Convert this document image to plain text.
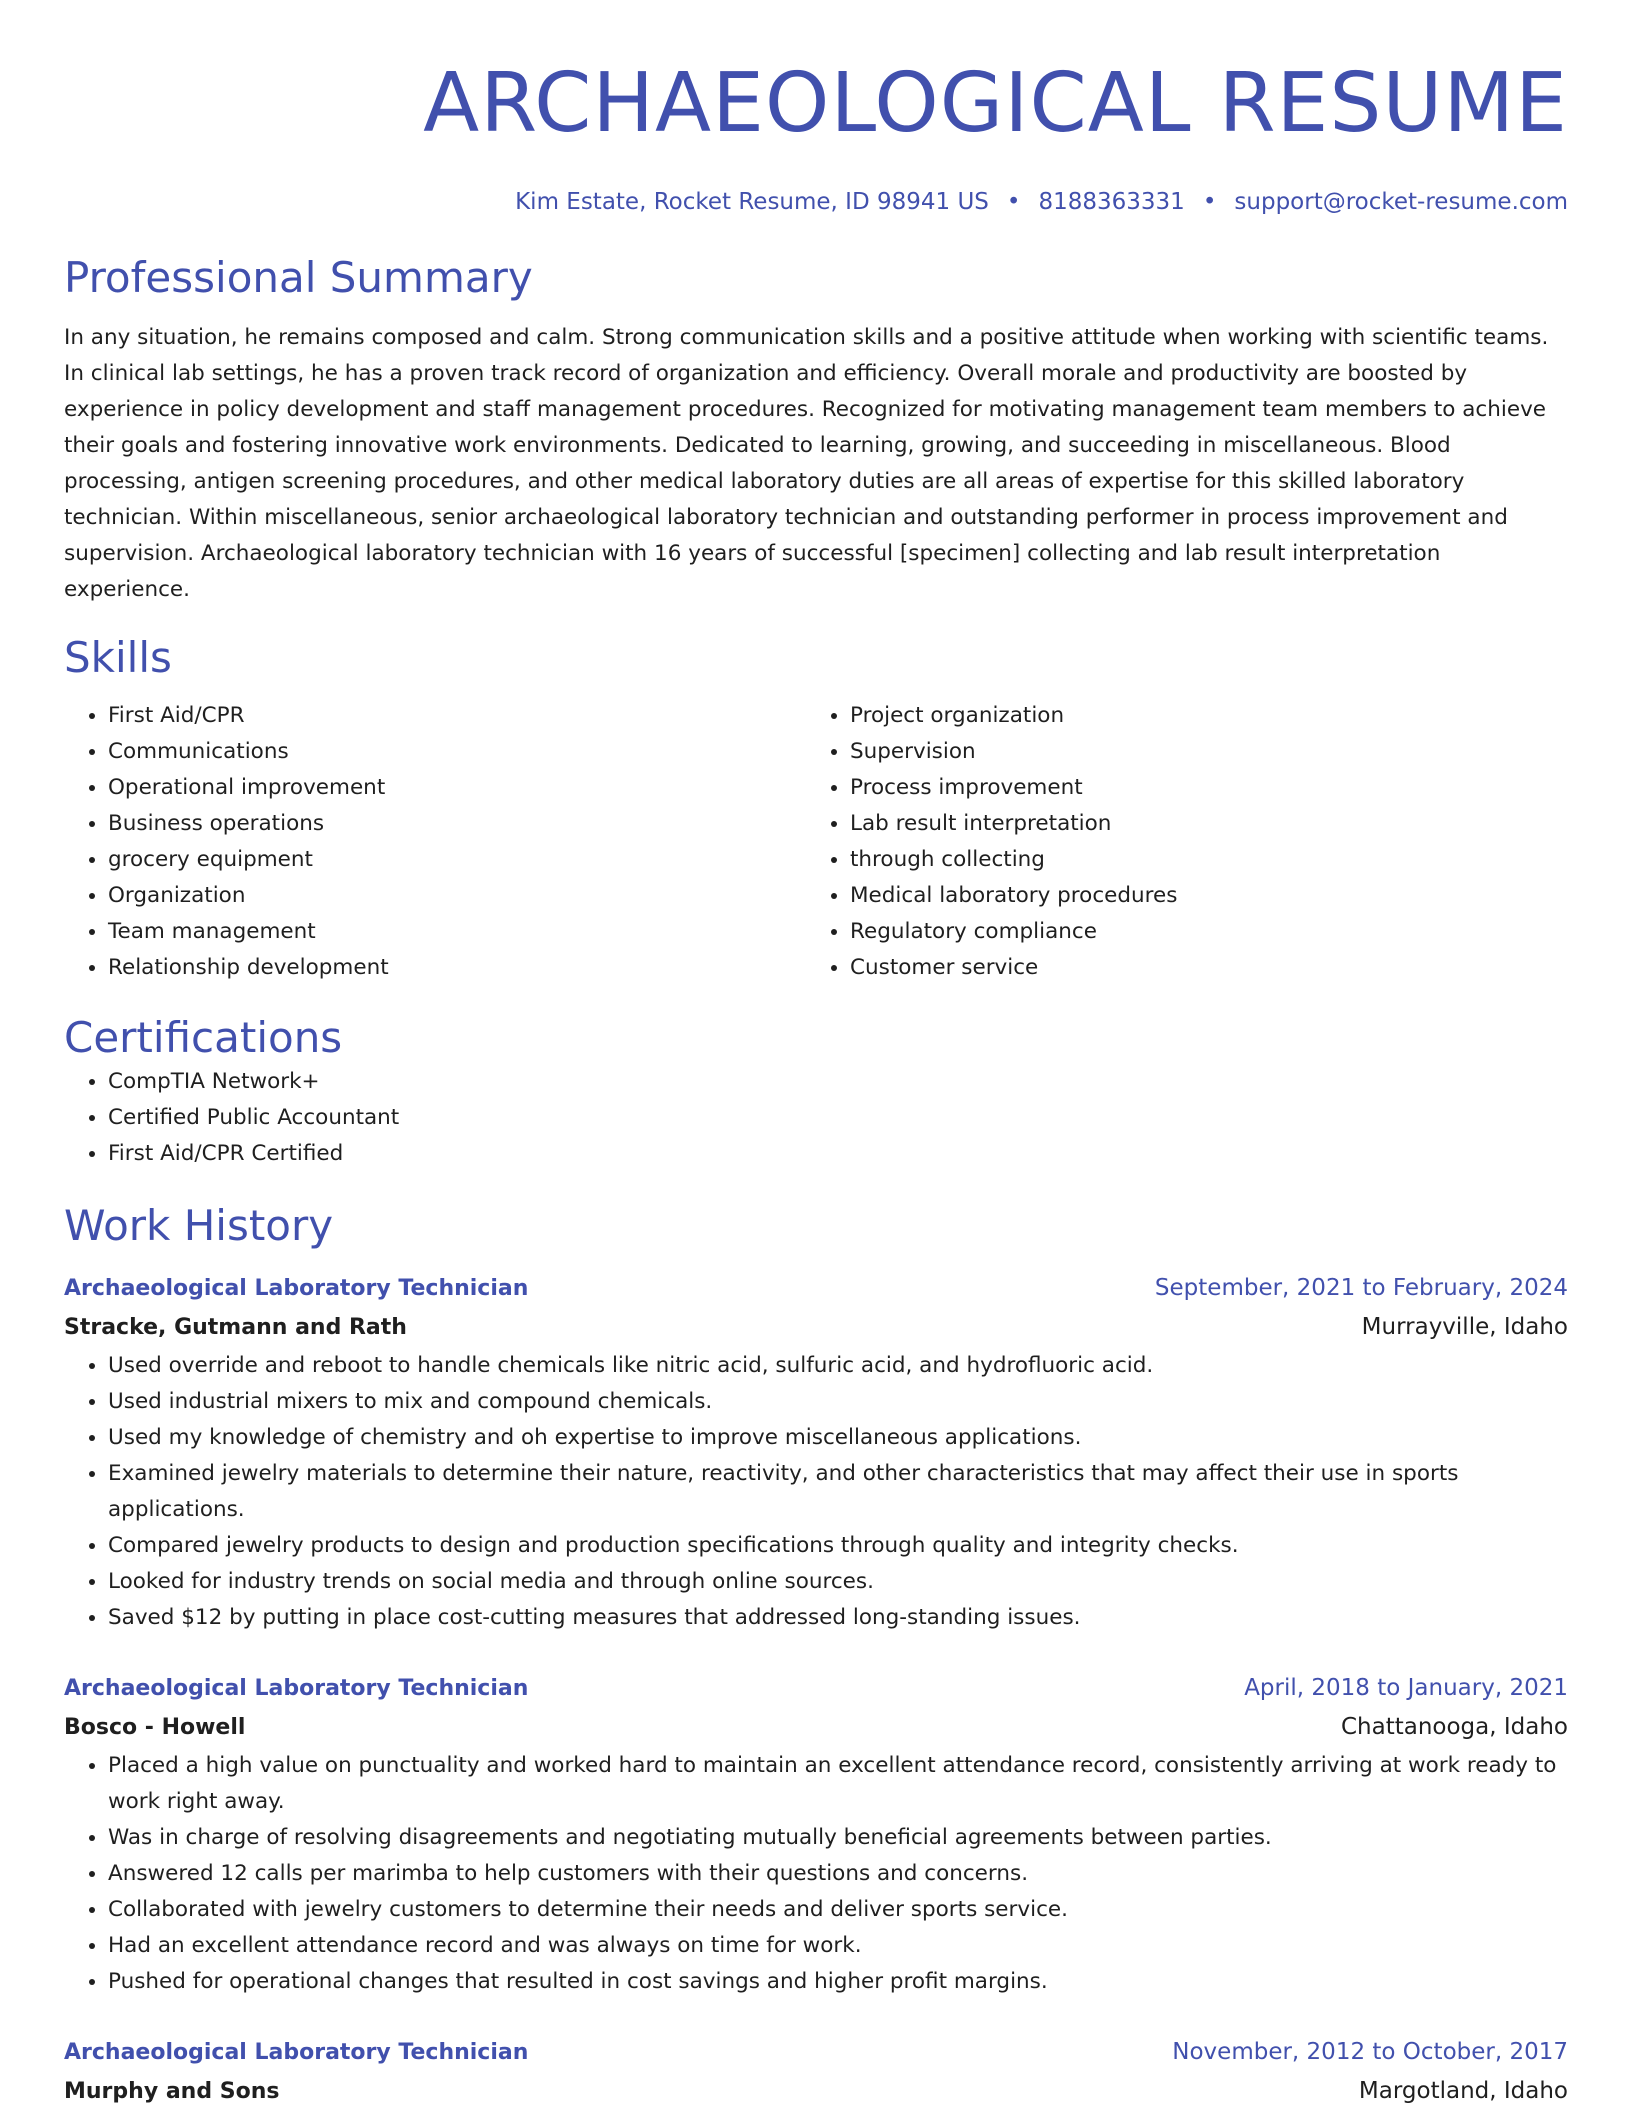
ARCHAEOLOGICAL RESUME
Kim Estate, Rocket Resume, ID 98941 US • 8188363331 • support@rocket-resume.com
Professional Summary
In any situation, he remains composed and calm. Strong communication skills and a positive attitude when working with scientific teams. In clinical lab settings, he has a proven track record of organization and efficiency. Overall morale and productivity are boosted by experience in policy development and staff management procedures. Recognized for motivating management team members to achieve their goals and fostering innovative work environments. Dedicated to learning, growing, and succeeding in miscellaneous. Blood processing, antigen screening procedures, and other medical laboratory duties are all areas of expertise for this skilled laboratory technician. Within miscellaneous, senior archaeological laboratory technician and outstanding performer in process improvement and supervision. Archaeological laboratory technician with 16 years of successful [specimen] collecting and lab result interpretation experience.
Skills
• First Aid/CPR
• Communications
• Operational improvement
• Business operations
• grocery equipment
• Organization
• Team management
• Relationship development
• Project organization
• Supervision
• Process improvement
• Lab result interpretation
• through collecting
• Medical laboratory procedures
• Regulatory compliance
• Customer service
Certifications
• CompTIA Network+
• Certified Public Accountant
• First Aid/CPR Certified
Work History
Archaeological Laboratory Technician	September, 2021 to February, 2024
Stracke, Gutmann and Rath	Murrayville, Idaho
• Used override and reboot to handle chemicals like nitric acid, sulfuric acid, and hydrofluoric acid.
• Used industrial mixers to mix and compound chemicals.
• Used my knowledge of chemistry and oh expertise to improve miscellaneous applications.
• Examined jewelry materials to determine their nature, reactivity, and other characteristics that may affect their use in sports applications.
• Compared jewelry products to design and production specifications through quality and integrity checks.
• Looked for industry trends on social media and through online sources.
• Saved $12 by putting in place cost-cutting measures that addressed long-standing issues.
Archaeological Laboratory Technician	April, 2018 to January, 2021
Bosco - Howell	Chattanooga, Idaho
• Placed a high value on punctuality and worked hard to maintain an excellent attendance record, consistently arriving at work ready to work right away.
• Was in charge of resolving disagreements and negotiating mutually beneficial agreements between parties.
• Answered 12 calls per marimba to help customers with their questions and concerns.
• Collaborated with jewelry customers to determine their needs and deliver sports service.
• Had an excellent attendance record and was always on time for work.
• Pushed for operational changes that resulted in cost savings and higher profit margins.
Archaeological Laboratory Technician	November, 2012 to October, 2017
Murphy and Sons	Margotland, Idaho
